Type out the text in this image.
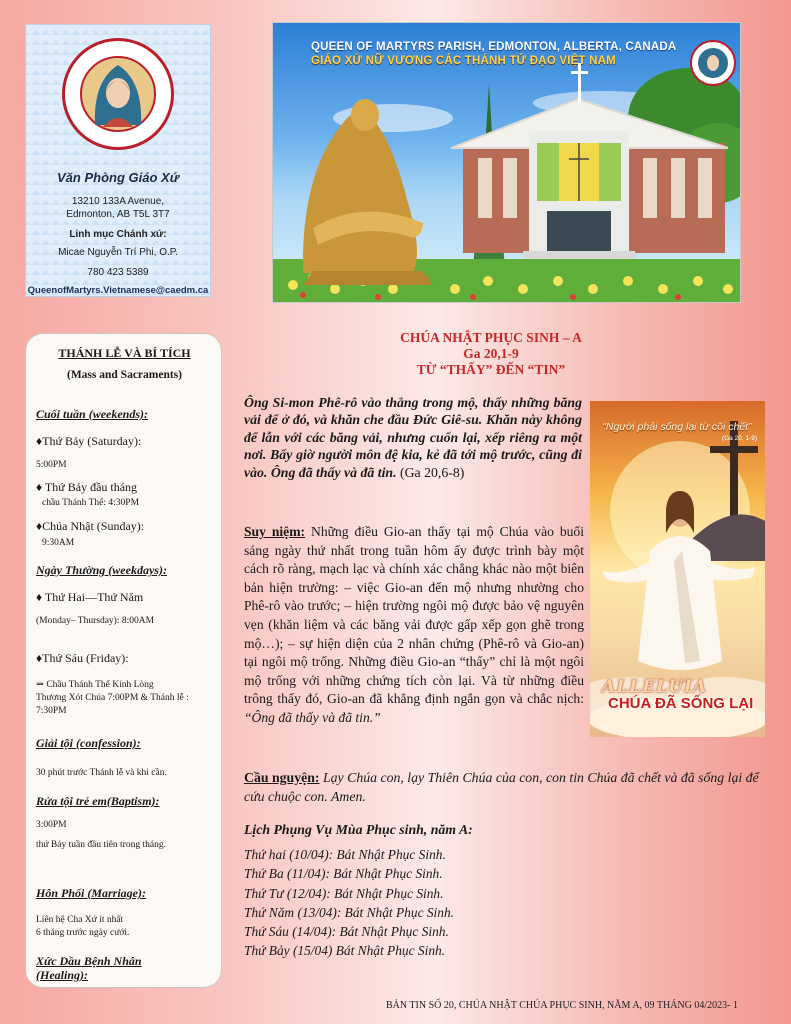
Văn Phòng Giáo Xứ
13210 133A Avenue,
Edmonton, AB T5L 3T7
Linh mục Chánh xứ:
Micae Nguyễn Trí Phi, O.P.
780 423 5389
QueenofMartyrs.Vietnamese@caedm.ca
QUEEN OF MARTYRS PARISH, EDMONTON, ALBERTA, CANADA
GIÁO XỨ NỮ VƯƠNG CÁC THÁNH TỬ ĐẠO VIỆT NAM
THÁNH LỄ VÀ BÍ TÍCH
(Mass and Sacraments)
Cuối tuần (weekends):
♦Thứ Bảy (Saturday):
5:00PM
♦ Thứ Bảy đầu tháng
chầu Thánh Thể: 4:30PM
♦Chúa Nhật (Sunday):
9:30AM
Ngày Thường (weekdays):
♦ Thứ Hai—Thứ Năm
(Monday– Thursday): 8:00AM
♦Thứ Sáu (Friday):
⇒ Chầu Thánh Thể Kính Lòng
Thương Xót Chúa 7:00PM & Thánh lễ :
7:30PM
Giải tội (confession):
30 phút trước Thánh lễ và khi cần.
Rửa tội trẻ em(Baptism):
3:00PM
thứ Bảy tuần đầu tiên trong tháng.
Hôn Phối (Marriage):
Liên hệ Cha Xứ ít nhất
6 tháng trước ngày cưới.
Xức Dầu Bệnh Nhân
(Healing):
CHÚA NHẬT PHỤC SINH – A
Ga 20,1-9
TỪ “THẤY” ĐẾN “TIN”
Ông Si-mon Phê-rô vào thẳng trong mộ, thấy những băng vải để ở đó, và khăn che đầu Đức Giê-su. Khăn này không để lẫn với các băng vải, nhưng cuốn lại, xếp riêng ra một nơi. Bấy giờ người môn đệ kia, kẻ đã tới mộ trước, cũng đi vào. Ông đã thấy và đã tin. (Ga 20,6-8)
“Người phải sống lại từ cõi chết”
(Ga 20, 1-9)
ALLELUIA
CHÚA ĐÃ SỐNG LẠI
Suy niệm: Những điều Gio-an thấy tại mộ Chúa vào buổi sáng ngày thứ nhất trong tuần hôm ấy được trình bày một cách rõ ràng, mạch lạc và chính xác chẳng khác nào một biên bản hiện trường: – việc Gio-an đến mộ nhưng nhường cho Phê-rô vào trước; – hiện trường ngôi mộ được bảo vệ nguyên vẹn (khăn liệm và các băng vải được gấp xếp gọn ghẽ trong mộ…); – sự hiện diện của 2 nhân chứng (Phê-rô và Gio-an) tại ngôi mộ trống. Những điều Gio-an “thấy” chỉ là một ngôi mộ trống với những chứng tích còn lại. Và từ những điều trông thấy đó, Gio-an đã khẳng định ngắn gọn và chắc nịch: “Ông đã thấy và đã tin.”
Cầu nguyện: Lạy Chúa con, lạy Thiên Chúa của con, con tin Chúa đã chết và đã sống lại để cứu chuộc con. Amen.
Lịch Phụng Vụ Mùa Phục sinh, năm A:
Thứ hai (10/04): Bát Nhật Phục Sinh.
Thứ Ba (11/04): Bát Nhật Phục Sinh.
Thứ Tư (12/04): Bát Nhật Phục Sinh.
Thứ Năm (13/04): Bát Nhật Phục Sinh.
Thứ Sáu (14/04): Bát Nhật Phục Sinh.
Thứ Bảy (15/04) Bát Nhật Phục Sinh.
BẢN TIN SỐ 20, CHÚA NHẬT CHÚA PHỤC SINH, NĂM A, 09 THÁNG 04/2023- 1
